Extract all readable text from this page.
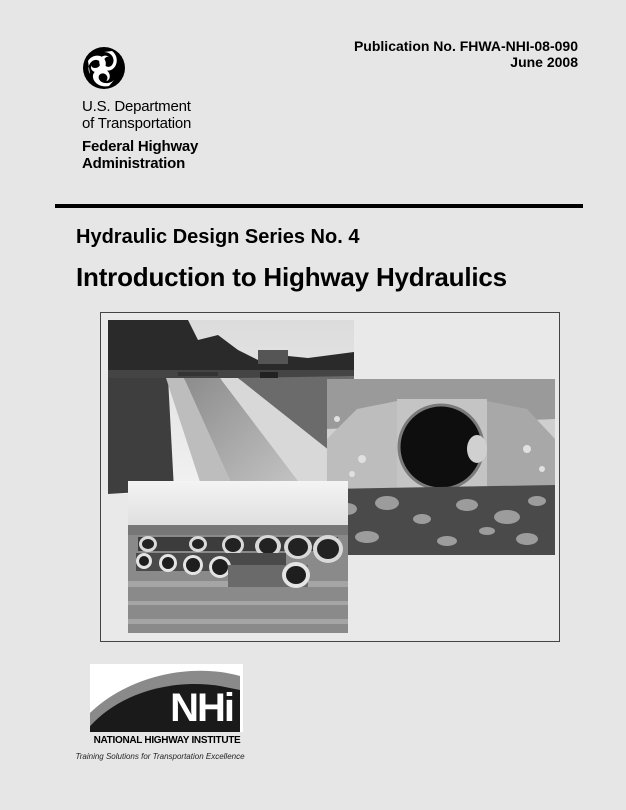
U.S. Department
of Transportation
Federal Highway
Administration
Publication No. FHWA-NHI-08-090
June 2008
Hydraulic Design Series No. 4
Introduction to Highway Hydraulics
NHi
NATIONAL HIGHWAY INSTITUTE
Training Solutions for Transportation Excellence
